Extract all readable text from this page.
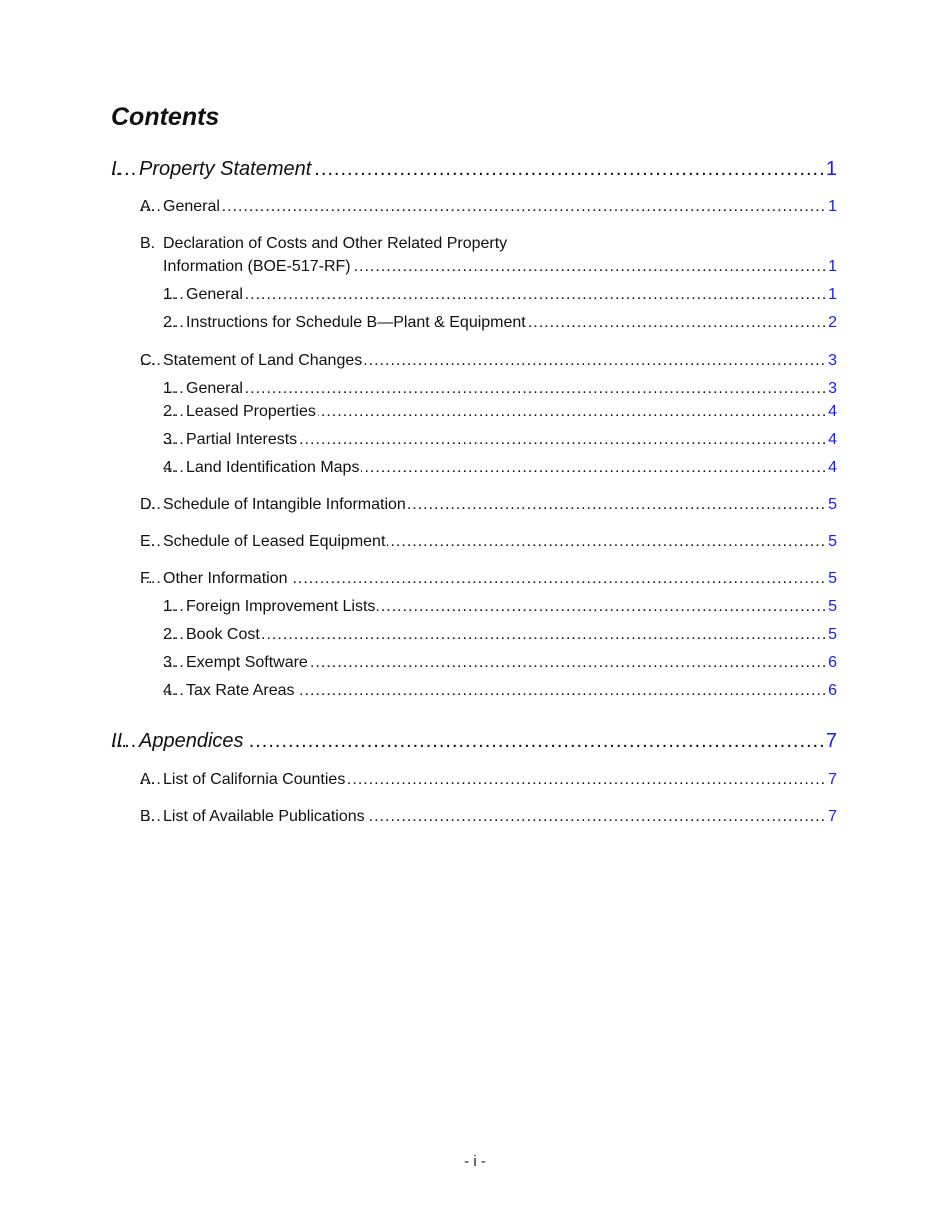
Contents
.....
I. Property Statement	1
.....
A. General	1
B. Declaration of Costs and Other Related Property
.....
Information (BOE-517-RF)	1
.....
1. General	1
.....
2. Instructions for Schedule B—Plant & Equipment	2
.....
C. Statement of Land Changes	3
.....
1. General	3
.....
2. Leased Properties	4
.....
3. Partial Interests	4
.....
4. Land Identification Maps	4
.....
D. Schedule of Intangible Information	5
.....
E. Schedule of Leased Equipment	5
.....
F. Other Information	5
.....
1. Foreign Improvement Lists	5
.....
2. Book Cost	5
.....
3. Exempt Software	6
.....
4. Tax Rate Areas	6
.....
II. Appendices	7
.....
A. List of California Counties	7
.....
B. List of Available Publications	7
- i -
